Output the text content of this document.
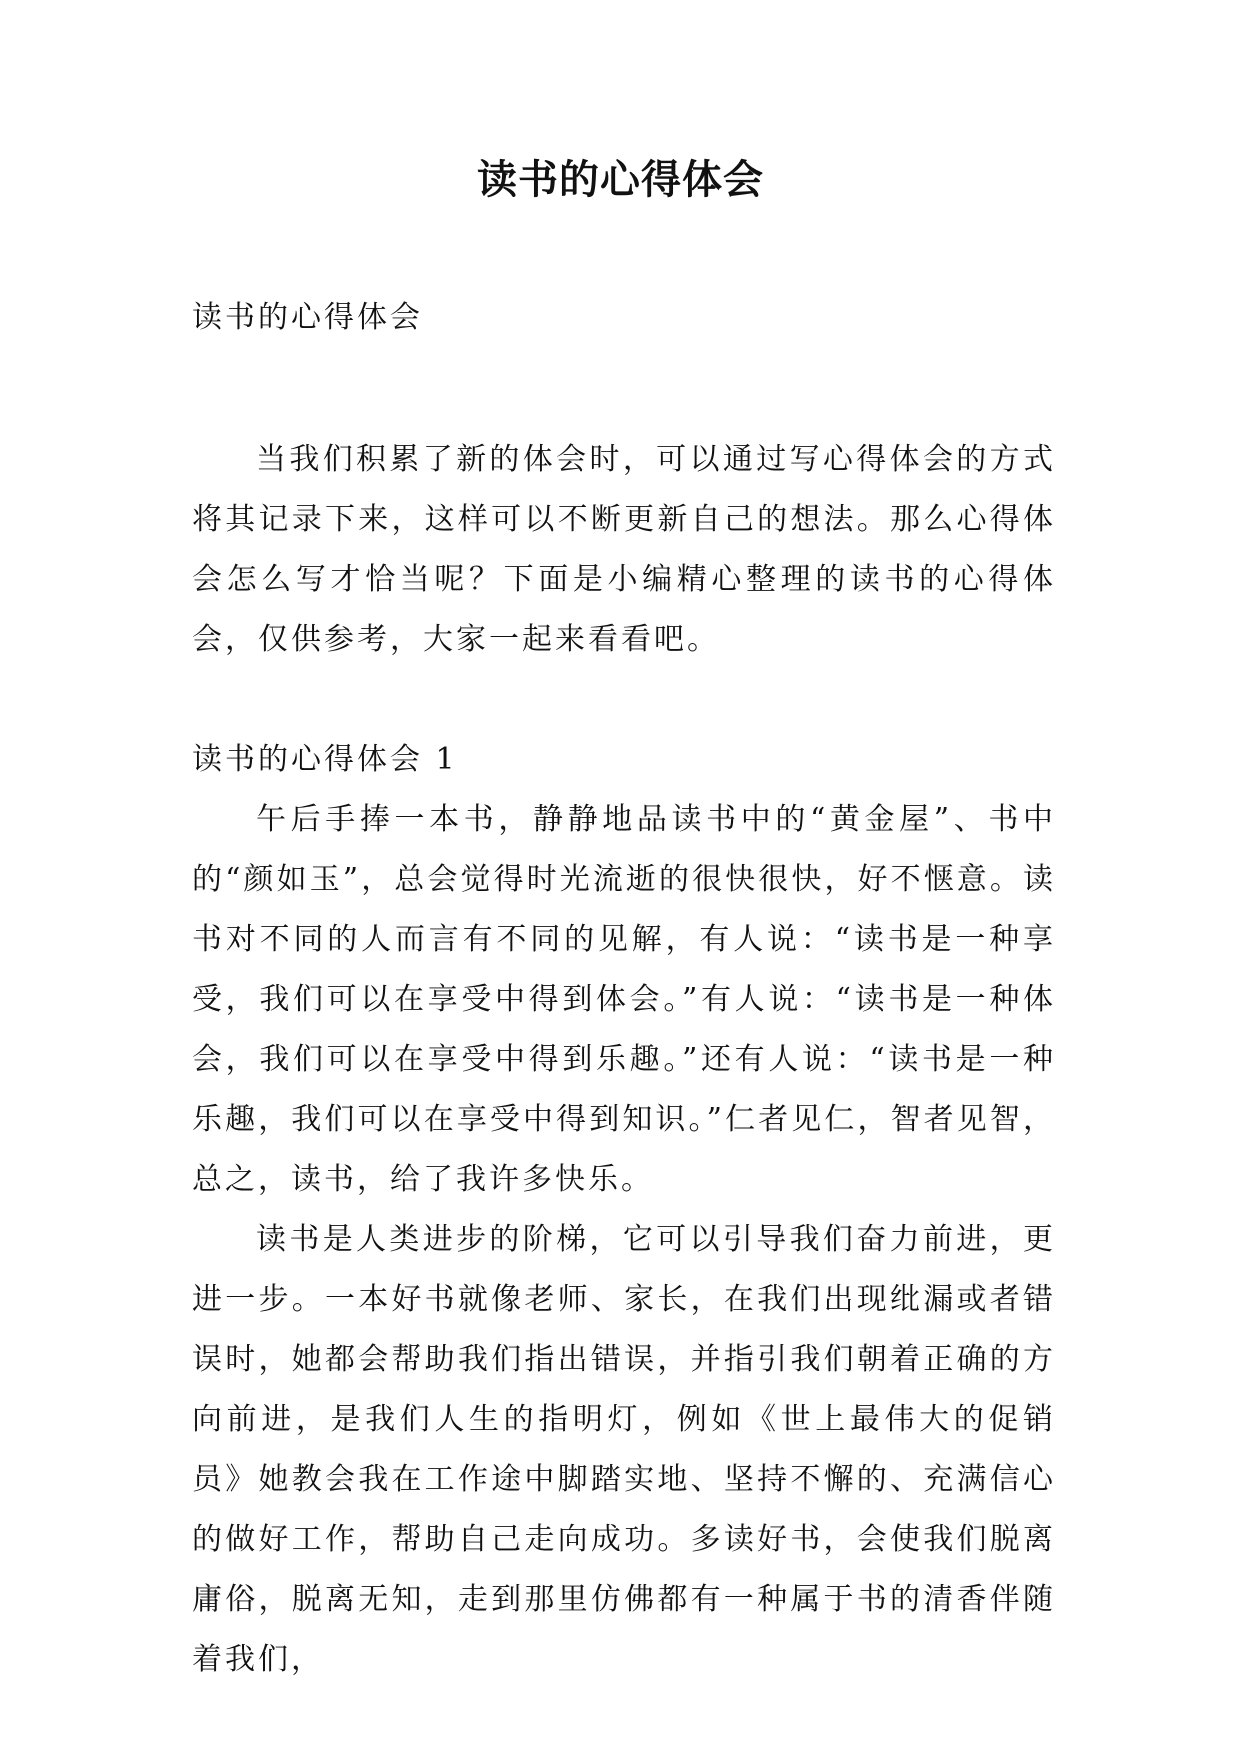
读书的心得体会

读书的心得体会

当我们积累了新的体会时，可以通过写心得体会的方式将其记录下来，这样可以不断更新自己的想法。那么心得体会怎么写才恰当呢？下面是小编精心整理的读书的心得体会，仅供参考，大家一起来看看吧。

读书的心得体会 1

午后手捧一本书，静静地品读书中的“黄金屋”、书中的“颜如玉”，总会觉得时光流逝的很快很快，好不惬意。读书对不同的人而言有不同的见解，有人说：“读书是一种享受，我们可以在享受中得到体会。”有人说：“读书是一种体会，我们可以在享受中得到乐趣。”还有人说：“读书是一种乐趣，我们可以在享受中得到知识。”仁者见仁，智者见智，总之，读书，给了我许多快乐。

读书是人类进步的阶梯，它可以引导我们奋力前进，更进一步。一本好书就像老师、家长，在我们出现纰漏或者错误时，她都会帮助我们指出错误，并指引我们朝着正确的方向前进，是我们人生的指明灯，例如《世上最伟大的促销员》她教会我在工作途中脚踏实地、坚持不懈的、充满信心的做好工作，帮助自己走向成功。多读好书，会使我们脱离庸俗，脱离无知，走到那里仿佛都有一种属于书的清香伴随着我们，
